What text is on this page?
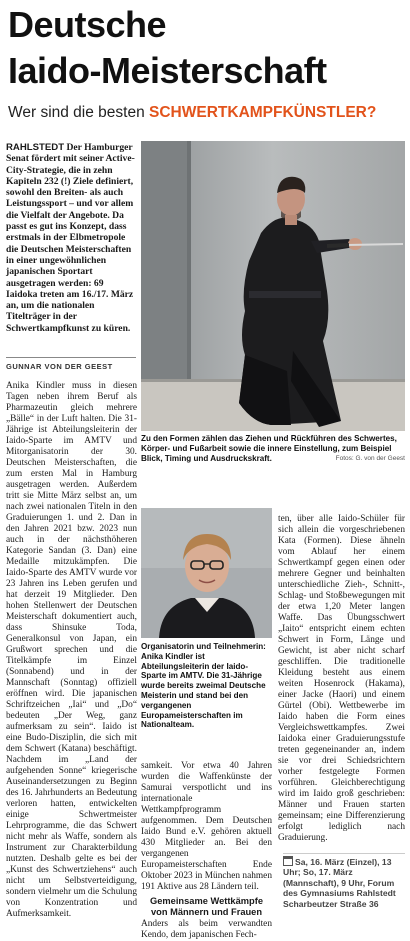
Deutsche
Iaido-Meisterschaft
Wer sind die besten SCHWERTKAMPFKÜNSTLER?
RAHLSTEDT Der Hamburger Senat fördert mit seiner Active-City-Strategie, die in zehn Kapiteln 232 (!) Ziele definiert, sowohl den Breiten- als auch Leistungssport – und vor allem die Vielfalt der Angebote. Da passt es gut ins Konzept, dass erstmals in der Elbmetropole die Deutschen Meisterschaften in einer ungewöhnlichen japanischen Sportart ausgetragen werden: 69 Iaidoka treten am 16./17. März an, um die nationalen Titelträger in der Schwertkampfkunst zu küren.
GUNNAR VON DER GEEST

Anika Kindler muss in diesen Tagen neben ihrem Beruf als Pharmazeutin gleich mehrere „Bälle“ in der Luft halten. Die 31-Jährige ist Abteilungsleiterin der Iaido-Sparte im AMTV und Mitorganisatorin der 30. Deutschen Meisterschaften, die zum ersten Mal in Hamburg ausgetragen werden. Außerdem tritt sie Mitte März selbst an, um nach zwei nationalen Titeln in den Graduierungen 1. und 2. Dan in den Jahren 2021 bzw. 2023 nun auch in der nächsthöheren Kategorie Sandan (3. Dan) eine Medaille mitzukämpfen. Die Iaido-Sparte des AMTV wurde vor 23 Jahren ins Leben gerufen und hat derzeit 19 Mitglieder. Den hohen Stellenwert der Deutschen Meisterschaft dokumentiert auch, dass Shinsuke Toda, Generalkonsul von Japan, ein Grußwort sprechen und die Titelkämpfe im Einzel (Sonnabend) und in der Mannschaft (Sonntag) offiziell eröffnen wird. Die japanischen Schriftzeichen „Iai“ und „Do“ bedeuten „Der Weg, ganz aufmerksam zu sein“. Iaido ist eine Budo-Disziplin, die sich mit dem Schwert (Katana) beschäftigt. Nachdem im „Land der aufgehenden Sonne“ kriegerische Auseinandersetzungen zu Beginn des 16. Jahrhunderts an Bedeutung verloren hatten, entwickelten einige Schwertmeister Lehrprogramme, die das Schwert nicht mehr als Waffe, sondern als Instrument zur Charakterbildung nutzten. Deshalb gelte es bei der „Kunst des Schwertziehens“ auch nicht um Selbstverteidigung, sondern vielmehr um die Schulung von Konzentration und Aufmerksamkeit.

Zu den Formen zählen das Ziehen und Rückführen des Schwertes, Körper- und Fußarbeit sowie die innere Einstellung, zum Beispiel Blick, Timing und Ausdruckskraft.	Fotos: G. von der Geest
Organisatorin und Teilnehmerin: Anika Kindler ist Abteilungsleiterin der Iaido-Sparte im AMTV. Die 31-Jährige wurde bereits zweimal Deutsche Meisterin und stand bei den vergangenen Europameisterschaften im Nationalteam.

samkeit. Vor etwa 40 Jahren wurden die Waffenkünste der Samurai verspotlicht und ins internationale Wettkampfprogramm aufgenommen. Dem Deutschen Iaido Bund e.V. gehören aktuell 430 Mitglieder an. Bei den vergangenen Europameisterschaften Ende Oktober 2023 in München nahmen 191 Aktive aus 28 Ländern teil.

Gemeinsame Wettkämpfe von Männern und Frauen

Anders als beim verwandten Kendo, dem japanischen Fech-

ten, über alle Iaido-Schüler für sich allein die vorgeschriebenen Kata (Formen). Diese ähneln vom Ablauf her einem Schwertkampf gegen einen oder mehrere Gegner und beinhalten unterschiedliche Zieh-, Schnitt-, Schlag- und Stoßbewegungen mit der etwa 1,20 Meter langen Waffe. Das Übungsschwert „Iaito“ entspricht einem echten Schwert in Form, Länge und Gewicht, ist aber nicht scharf geschliffen. Die traditionelle Kleidung besteht aus einem weiten Hosenrock (Hakama), einer Jacke (Haori) und einem Gürtel (Obi). Wettbewerbe im Iaido haben die Form eines Vergleichswettkampfes. Zwei Iaidoka einer Graduierungsstufe treten gegeneinander an, indem sie vor drei Schiedsrichtern vorher festgelegte Formen vorführen. Gleichberechtigung wird im Iaido groß geschrieben: Männer und Frauen starten gemeinsam; eine Differenzierung erfolgt lediglich nach Graduierung.

Sa, 16. März (Einzel), 13 Uhr; So, 17. März (Mannschaft), 9 Uhr, Forum des Gymnasiums Rahlstedt Scharbeutzer Straße 36
